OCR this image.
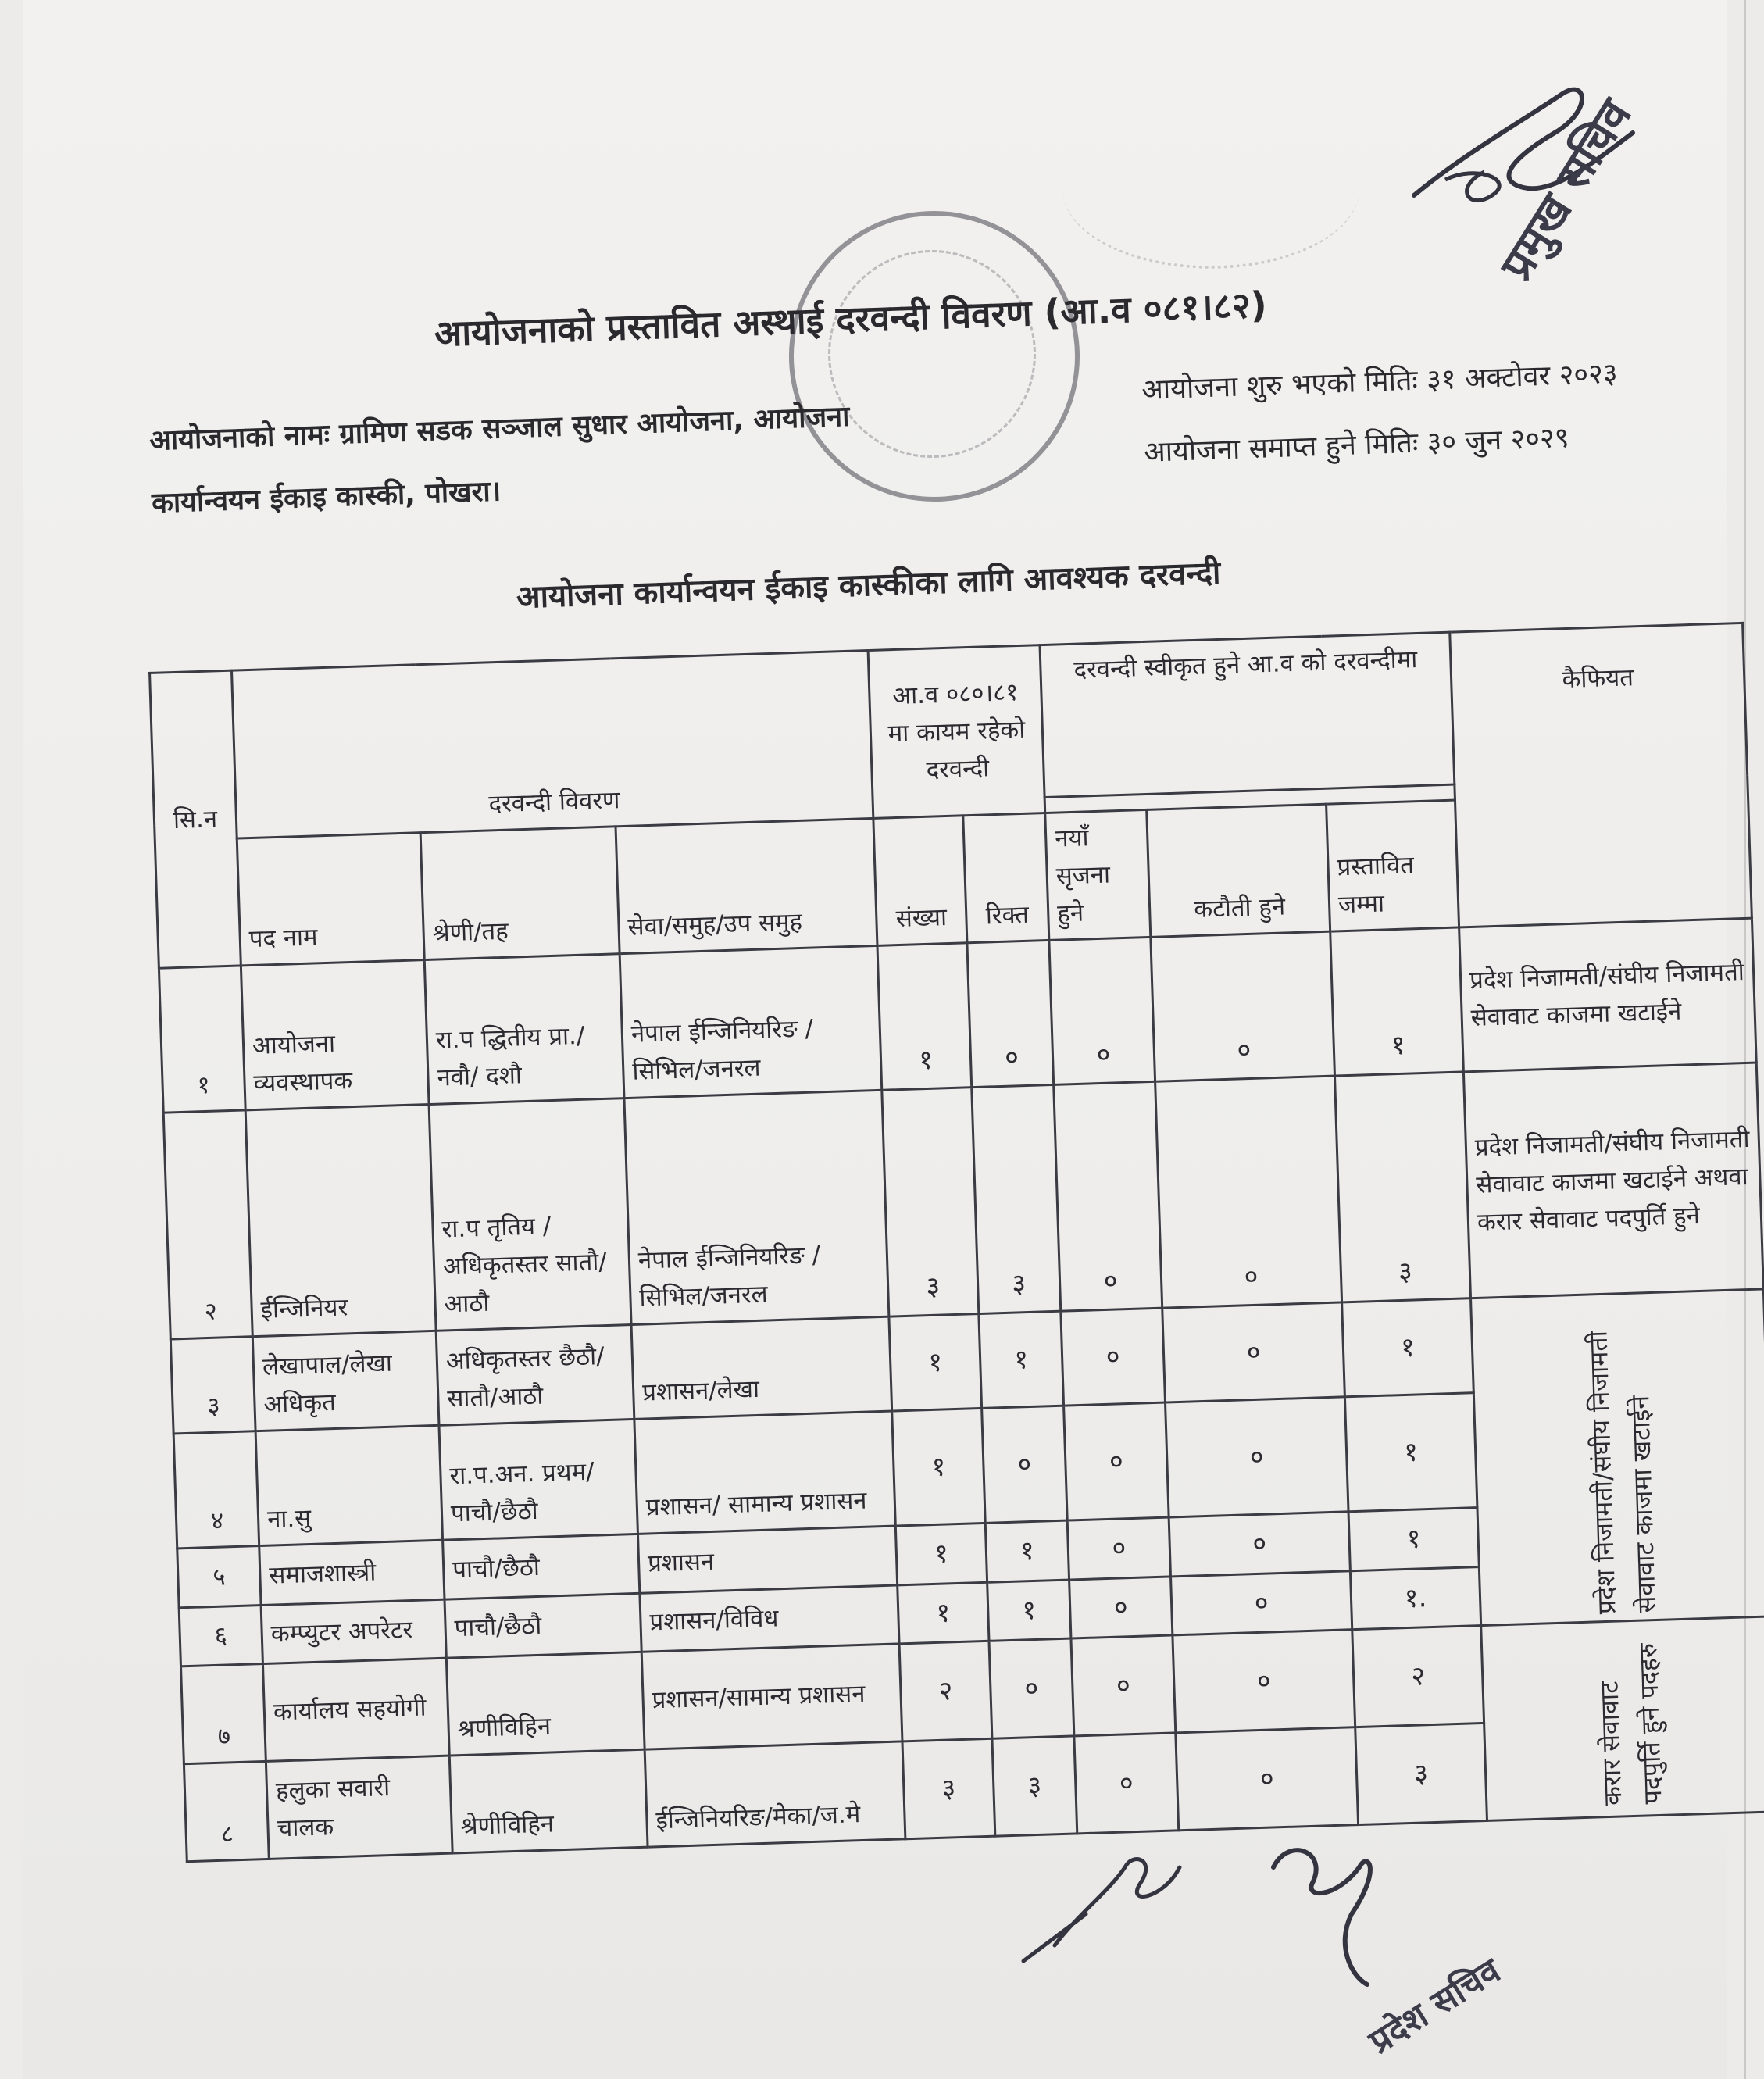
प्रमुख सचिव
आयोजनाको प्रस्तावित अस्थाई दरवन्दी विवरण (आ.व ०८१।८२)
आयोजनाको नामः ग्रामिण सडक सञ्जाल सुधार आयोजना, आयोजना
कार्यान्वयन ईकाइ कास्की, पोखरा।
आयोजना शुरु भएको मितिः ३१ अक्टोवर २०२३
आयोजना समाप्त हुने मितिः ३० जुन २०२९
आयोजना कार्यान्वयन ईकाइ कास्कीका लागि आवश्यक दरवन्दी
सि.न	दरवन्दी विवरण			आ.व ०८०।८१ मा कायम रहेको दरवन्दी		दरवन्दी स्वीकृत हुने आ.व को दरवन्दीमा			कैफियत

	पद नाम	श्रेणी/तह	सेवा/समुह/उप समुह	संख्या	रिक्त	नयाँ सृजना हुने	कटौती हुने	प्रस्तावित जम्मा	
१	आयोजना व्यवस्थापक	रा.प द्धितीय प्रा./ नवौ/ दशौ	नेपाल ईन्जिनियरिङ /सिभिल/जनरल	१	०	०	०	१	प्रदेश निजामती/संघीय निजामती सेवावाट काजमा खटाईने
२	ईन्जिनियर	रा.प तृतिय / अधिकृतस्तर सातौ/आठौ	नेपाल ईन्जिनियरिङ /सिभिल/जनरल	३	३	०	०	३	प्रदेश निजामती/संघीय निजामती सेवावाट काजमा खटाईने अथवा करार सेवावाट पदपुर्ति हुने
३	लेखापाल/लेखा अधिकृत	अधिकृतस्तर छैठौ/सातौ/आठौ	प्रशासन/लेखा	१	१	०	०	१	प्रदेश निजामती/संघीय निजामती सेवावाट काजमा खटाईने

४	ना.सु	रा.प.अन. प्रथम/ पाचौ/छैठौ	प्रशासन/ सामान्य प्रशासन	१	०	०	०	१	
५	समाजशास्त्री	पाचौ/छैठौ	प्रशासन	१	१	०	०	१	
६	कम्प्युटर अपरेटर	पाचौ/छैठौ	प्रशासन/विविध	१	१	०	०	१.	
७	कार्यालय सहयोगी	श्रणीविहिन	प्रशासन/सामान्य प्रशासन	२	०	०	०	२	करार सेवावाट पदपुर्ति हुने पदहरु

८	हलुका सवारी चालक	श्रेणीविहिन	ईन्जिनियरिङ/मेका/ज.मे	३	३	०	०	३	
प्रदेश सचिव
